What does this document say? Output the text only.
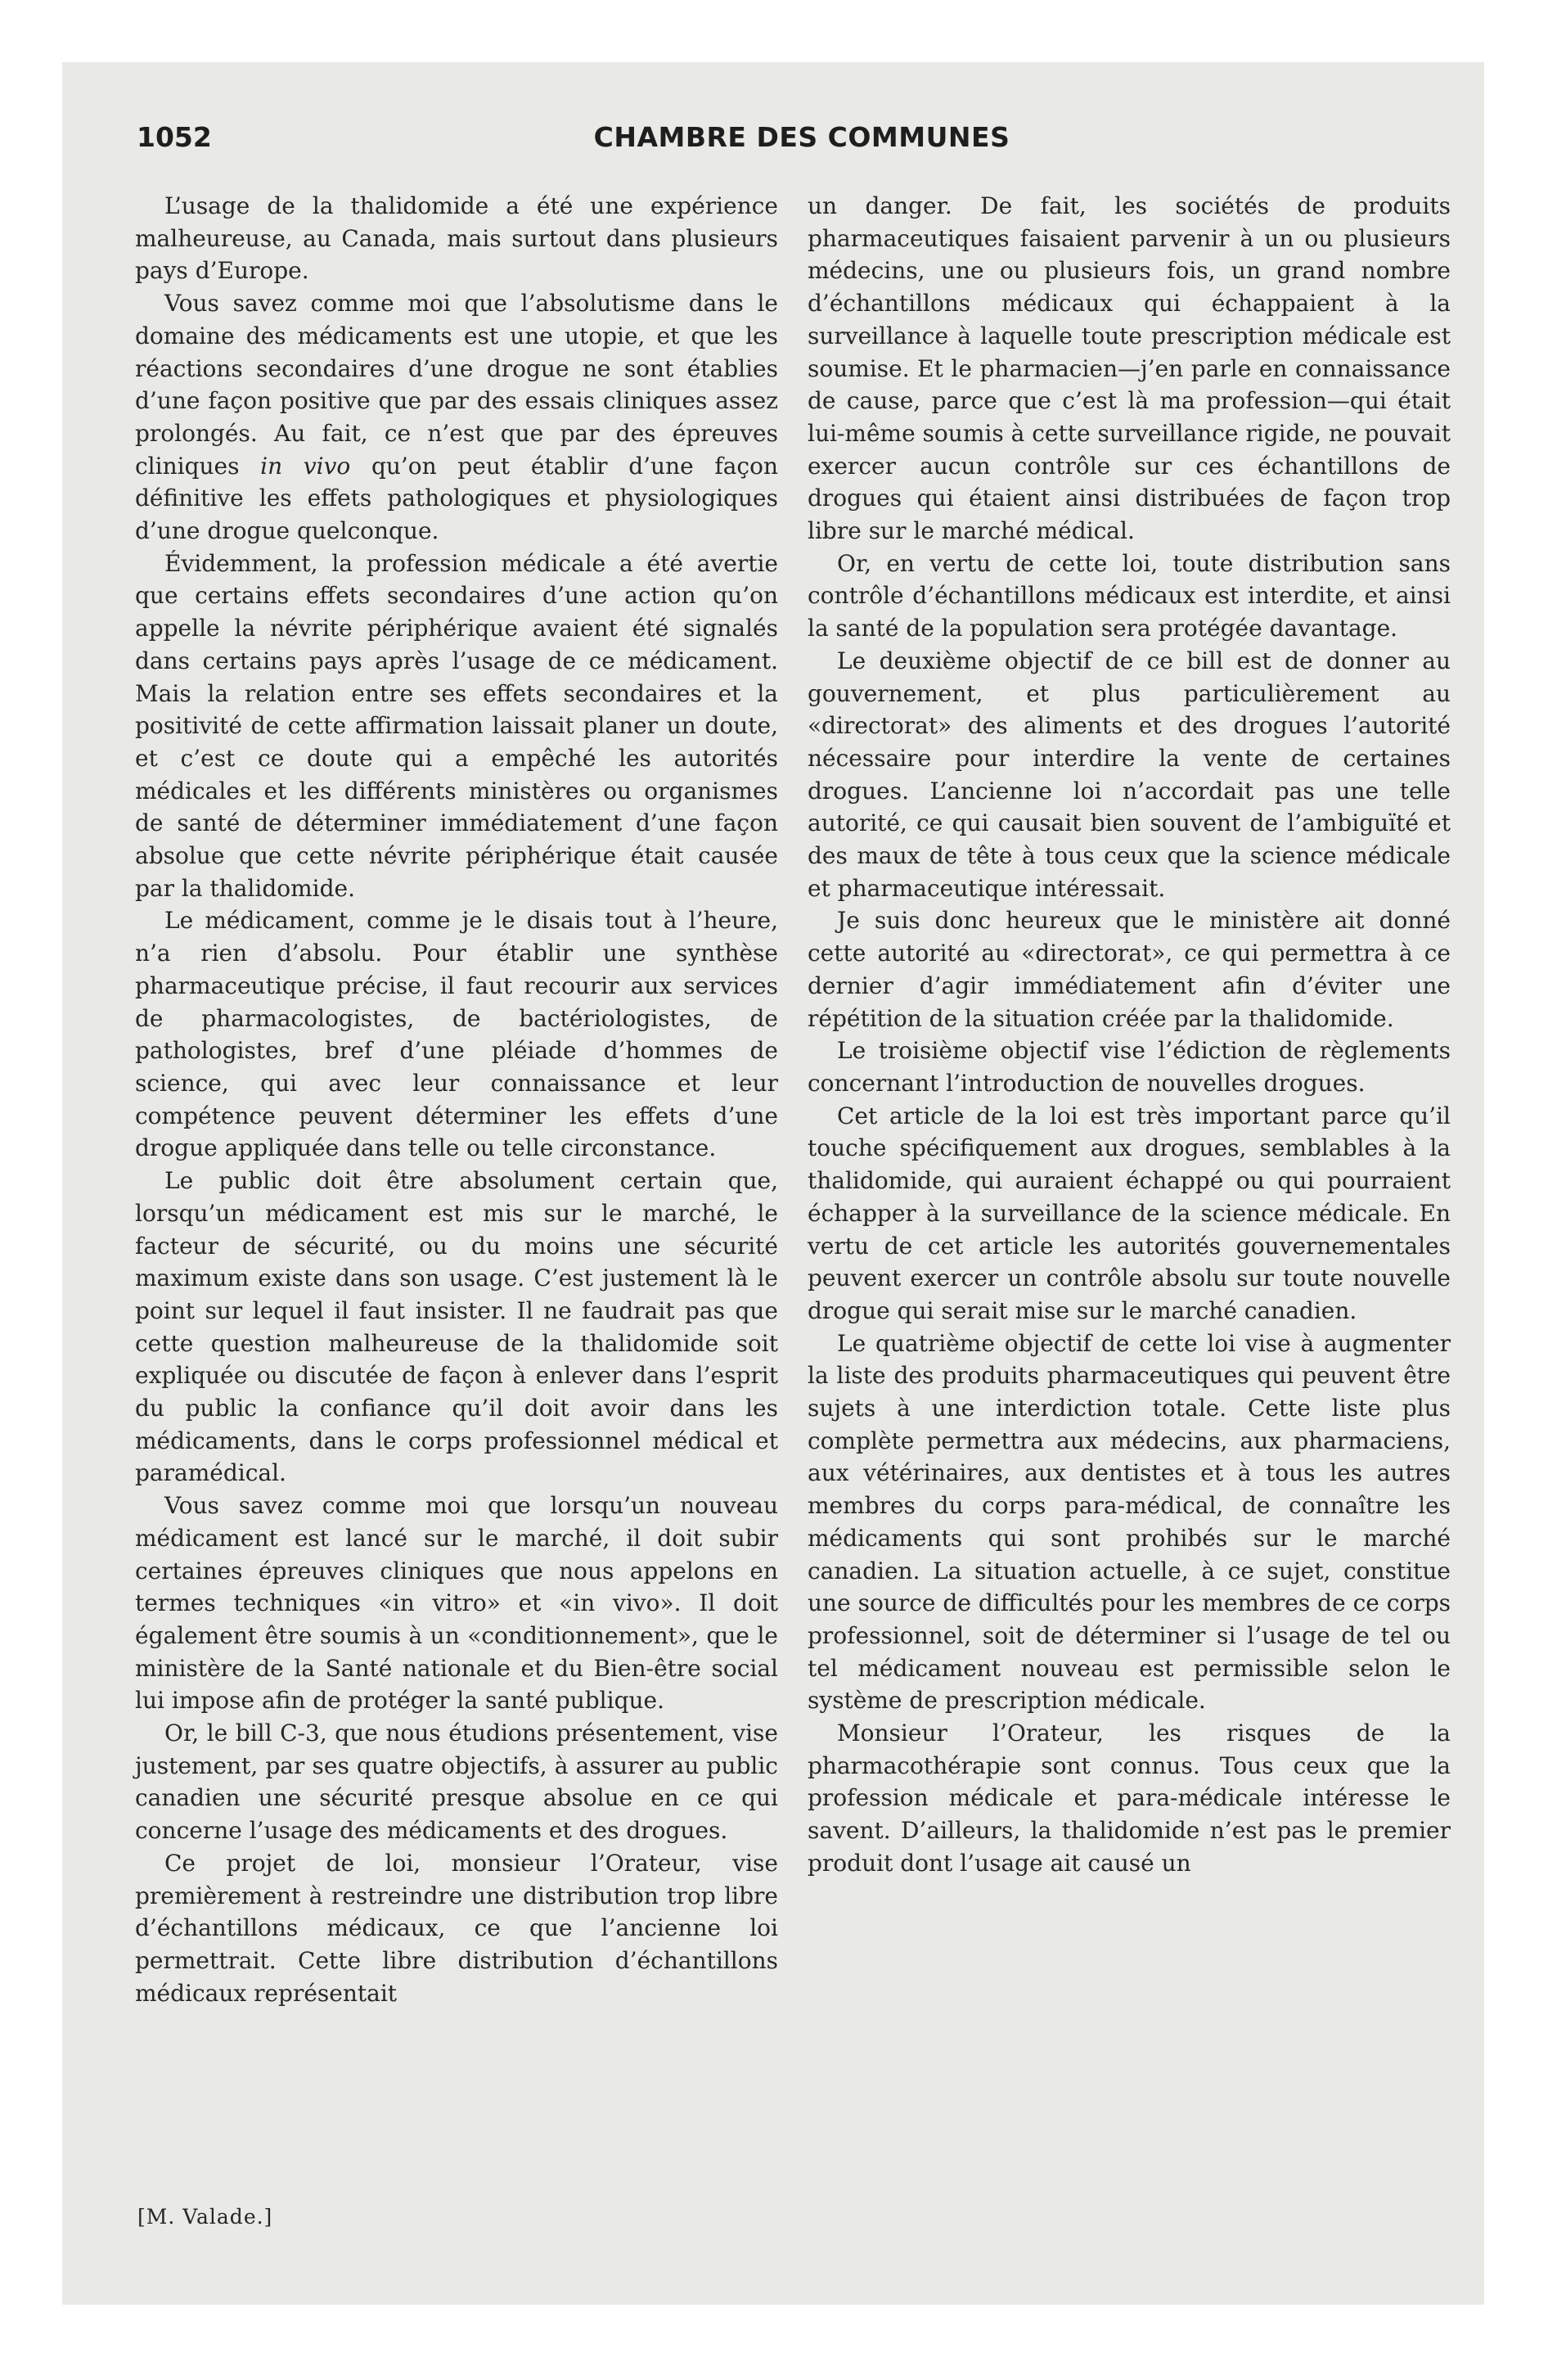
1052	CHAMBRE DES COMMUNES

L’usage de la thalidomide a été une expérience malheureuse, au Canada, mais surtout dans plusieurs pays d’Europe.

Vous savez comme moi que l’absolutisme dans le domaine des médicaments est une utopie, et que les réactions secondaires d’une drogue ne sont établies d’une façon positive que par des essais cliniques assez prolongés. Au fait, ce n’est que par des épreuves cliniques in vivo qu’on peut établir d’une façon définitive les effets pathologiques et physiologiques d’une drogue quelconque.

Évidemment, la profession médicale a été avertie que certains effets secondaires d’une action qu’on appelle la névrite périphérique avaient été signalés dans certains pays après l’usage de ce médicament. Mais la relation entre ses effets secondaires et la positivité de cette affirmation laissait planer un doute, et c’est ce doute qui a empêché les autorités médicales et les différents ministères ou organismes de santé de déterminer immédiatement d’une façon absolue que cette névrite périphérique était causée par la thalidomide.

Le médicament, comme je le disais tout à l’heure, n’a rien d’absolu. Pour établir une synthèse pharmaceutique précise, il faut recourir aux services de pharmacologistes, de bactériologistes, de pathologistes, bref d’une pléiade d’hommes de science, qui avec leur connaissance et leur compétence peuvent déterminer les effets d’une drogue appliquée dans telle ou telle circonstance.

Le public doit être absolument certain que, lorsqu’un médicament est mis sur le marché, le facteur de sécurité, ou du moins une sécurité maximum existe dans son usage. C’est justement là le point sur lequel il faut insister. Il ne faudrait pas que cette question malheureuse de la thalidomide soit expliquée ou discutée de façon à enlever dans l’esprit du public la confiance qu’il doit avoir dans les médicaments, dans le corps professionnel médical et paramédical.

Vous savez comme moi que lorsqu’un nouveau médicament est lancé sur le marché, il doit subir certaines épreuves cliniques que nous appelons en termes techniques «in vitro» et «in vivo». Il doit également être soumis à un «conditionnement», que le ministère de la Santé nationale et du Bien-être social lui impose afin de protéger la santé publique.

Or, le bill C-3, que nous étudions présentement, vise justement, par ses quatre objectifs, à assurer au public canadien une sécurité presque absolue en ce qui concerne l’usage des médicaments et des drogues.

Ce projet de loi, monsieur l’Orateur, vise premièrement à restreindre une distribution trop libre d’échantillons médicaux, ce que l’ancienne loi permettrait. Cette libre distribution d’échantillons médicaux représentait

un danger. De fait, les sociétés de produits pharmaceutiques faisaient parvenir à un ou plusieurs médecins, une ou plusieurs fois, un grand nombre d’échantillons médicaux qui échappaient à la surveillance à laquelle toute prescription médicale est soumise. Et le pharmacien—j’en parle en connaissance de cause, parce que c’est là ma profession—qui était lui-même soumis à cette surveillance rigide, ne pouvait exercer aucun contrôle sur ces échantillons de drogues qui étaient ainsi distribuées de façon trop libre sur le marché médical.

Or, en vertu de cette loi, toute distribution sans contrôle d’échantillons médicaux est interdite, et ainsi la santé de la population sera protégée davantage.

Le deuxième objectif de ce bill est de donner au gouvernement, et plus particulièrement au «directorat» des aliments et des drogues l’autorité nécessaire pour interdire la vente de certaines drogues. L’ancienne loi n’accordait pas une telle autorité, ce qui causait bien souvent de l’ambiguïté et des maux de tête à tous ceux que la science médicale et pharmaceutique intéressait.

Je suis donc heureux que le ministère ait donné cette autorité au «directorat», ce qui permettra à ce dernier d’agir immédiatement afin d’éviter une répétition de la situation créée par la thalidomide.

Le troisième objectif vise l’édiction de règlements concernant l’introduction de nouvelles drogues.

Cet article de la loi est très important parce qu’il touche spécifiquement aux drogues, semblables à la thalidomide, qui auraient échappé ou qui pourraient échapper à la surveillance de la science médicale. En vertu de cet article les autorités gouvernementales peuvent exercer un contrôle absolu sur toute nouvelle drogue qui serait mise sur le marché canadien.

Le quatrième objectif de cette loi vise à augmenter la liste des produits pharmaceutiques qui peuvent être sujets à une interdiction totale. Cette liste plus complète permettra aux médecins, aux pharmaciens, aux vétérinaires, aux dentistes et à tous les autres membres du corps para-médical, de connaître les médicaments qui sont prohibés sur le marché canadien. La situation actuelle, à ce sujet, constitue une source de difficultés pour les membres de ce corps professionnel, soit de déterminer si l’usage de tel ou tel médicament nouveau est permissible selon le système de prescription médicale.

Monsieur l’Orateur, les risques de la pharmacothérapie sont connus. Tous ceux que la profession médicale et para-médicale intéresse le savent. D’ailleurs, la thalidomide n’est pas le premier produit dont l’usage ait causé un

[M. Valade.]
